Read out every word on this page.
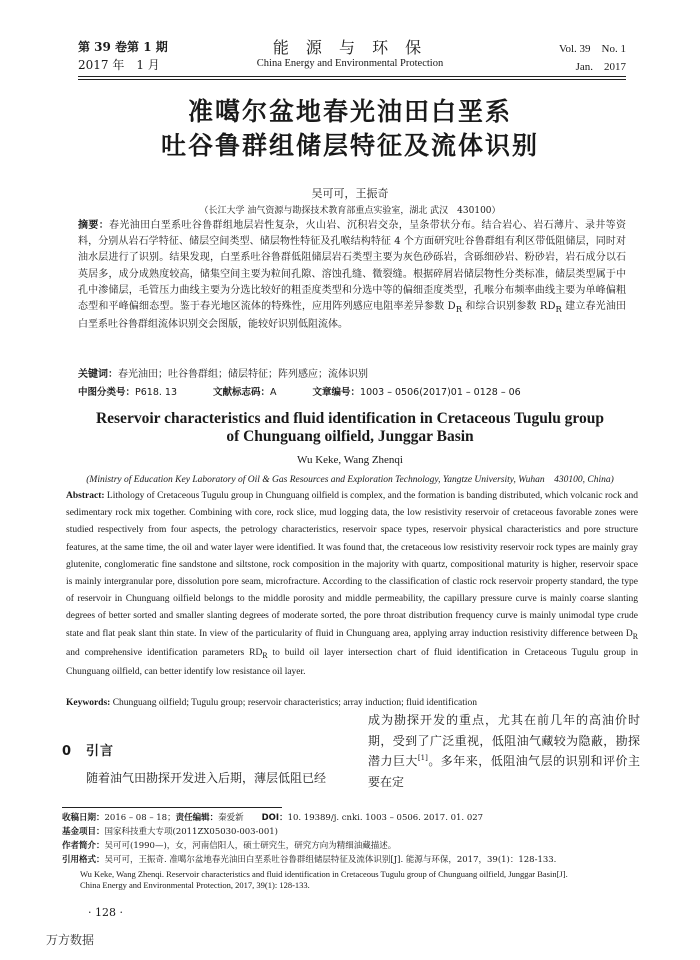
第 39 卷第 1 期
2017 年　1 月
能 源 与 环 保
China Energy and Environmental Protection
Vol. 39　No. 1
Jan.　2017
准噶尔盆地春光油田白垩系
吐谷鲁群组储层特征及流体识别
吴可可，王振奇
（长江大学 油气资源与勘探技术教育部重点实验室，湖北 武汉　430100）
摘要：春光油田白垩系吐谷鲁群组地层岩性复杂，火山岩、沉积岩交杂，呈条带状分布。结合岩心、岩石薄片、录井等资料，分别从岩石学特征、储层空间类型、储层物性特征及孔喉结构特征 4 个方面研究吐谷鲁群组有利区带低阻储层，同时对油水层进行了识别。结果发现，白垩系吐谷鲁群低阻储层岩石类型主要为灰色砂砾岩，含砾细砂岩、粉砂岩，岩石成分以石英居多，成分成熟度较高，储集空间主要为粒间孔隙、溶蚀孔缝、微裂缝。根据碎屑岩储层物性分类标准，储层类型属于中孔中渗储层，毛管压力曲线主要为分选比较好的粗歪度类型和分选中等的偏细歪度类型，孔喉分布频率曲线主要为单峰偏粗态型和平峰偏细态型。鉴于春光地区流体的特殊性，应用阵列感应电阻率差异参数 $D_R$ 和综合识别参数 $RD_R$ 建立春光油田白垩系吐谷鲁群组流体识别交会图版，能较好识别低阻流体。
关键词：春光油田；吐谷鲁群组；储层特征；阵列感应；流体识别
中图分类号：P618. 13	文献标志码：A	文章编号：1003 – 0506(2017)01 – 0128 – 06
Reservoir characteristics and fluid identification in Cretaceous Tugulu group
of Chunguang oilfield, Junggar Basin
Wu Keke, Wang Zhenqi
(Ministry of Education Key Laboratory of Oil & Gas Resources and Exploration Technology, Yangtze University, Wuhan　430100, China)
Abstract: Lithology of Cretaceous Tugulu group in Chunguang oilfield is complex, and the formation is banding distributed, which volcanic rock and sedimentary rock mix together. Combining with core, rock slice, mud logging data, the low resistivity reservoir of cretaceous favorable zones were studied respectively from four aspects, the petrology characteristics, reservoir space types, reservoir physical characteristics and pore structure features, at the same time, the oil and water layer were identified. It was found that, the cretaceous low resistivity reservoir rock types are mainly gray glutenite, conglomeratic fine sandstone and siltstone, rock composition in the majority with quartz, compositional maturity is higher, reservoir space is mainly intergranular pore, dissolution pore seam, microfracture. According to the classification of clastic rock reservoir property standard, the type of reservoir in Chunguang oilfield belongs to the middle porosity and middle permeability, the capillary pressure curve is mainly coarse slanting degrees of better sorted and smaller slanting degrees of moderate sorted, the pore throat distribution frequency curve is mainly unimodal type crude state and flat peak slant thin state. In view of the particularity of fluid in Chunguang area, applying array induction resistivity difference between $D_R$ and comprehensive identification parameters $RD_R$ to build oil layer intersection chart of fluid identification in Cretaceous Tugulu group in Chunguang oilfield, can better identify low resistance oil layer.
Keywords: Chunguang oilfield; Tugulu group; reservoir characteristics; array induction; fluid identification
0 引言
随着油气田勘探开发进入后期，薄层低阻已经
成为勘探开发的重点，尤其在前几年的高油价时期，受到了广泛重视，低阻油气藏较为隐蔽，勘探潜力巨大[1]。多年来，低阻油气层的识别和评价主要在定
收稿日期：2016 – 08 – 18；责任编辑：秦爱新 DOI：10. 19389/j. cnki. 1003 – 0506. 2017. 01. 027
基金项目：国家科技重大专项(2011ZX05030-003-001)
作者简介：吴可可(1990—)，女，河南信阳人，硕士研究生，研究方向为精细油藏描述。
引用格式：吴可可，王振奇. 准噶尔盆地春光油田白垩系吐谷鲁群组储层特征及流体识别[J]. 能源与环保，2017，39(1)：128-133.
Wu Keke, Wang Zhenqi. Reservoir characteristics and fluid identification in Cretaceous Tugulu group of Chunguang oilfield, Junggar Basin[J].
China Energy and Environmental Protection, 2017, 39(1): 128-133.
· 128 ·
万方数据
